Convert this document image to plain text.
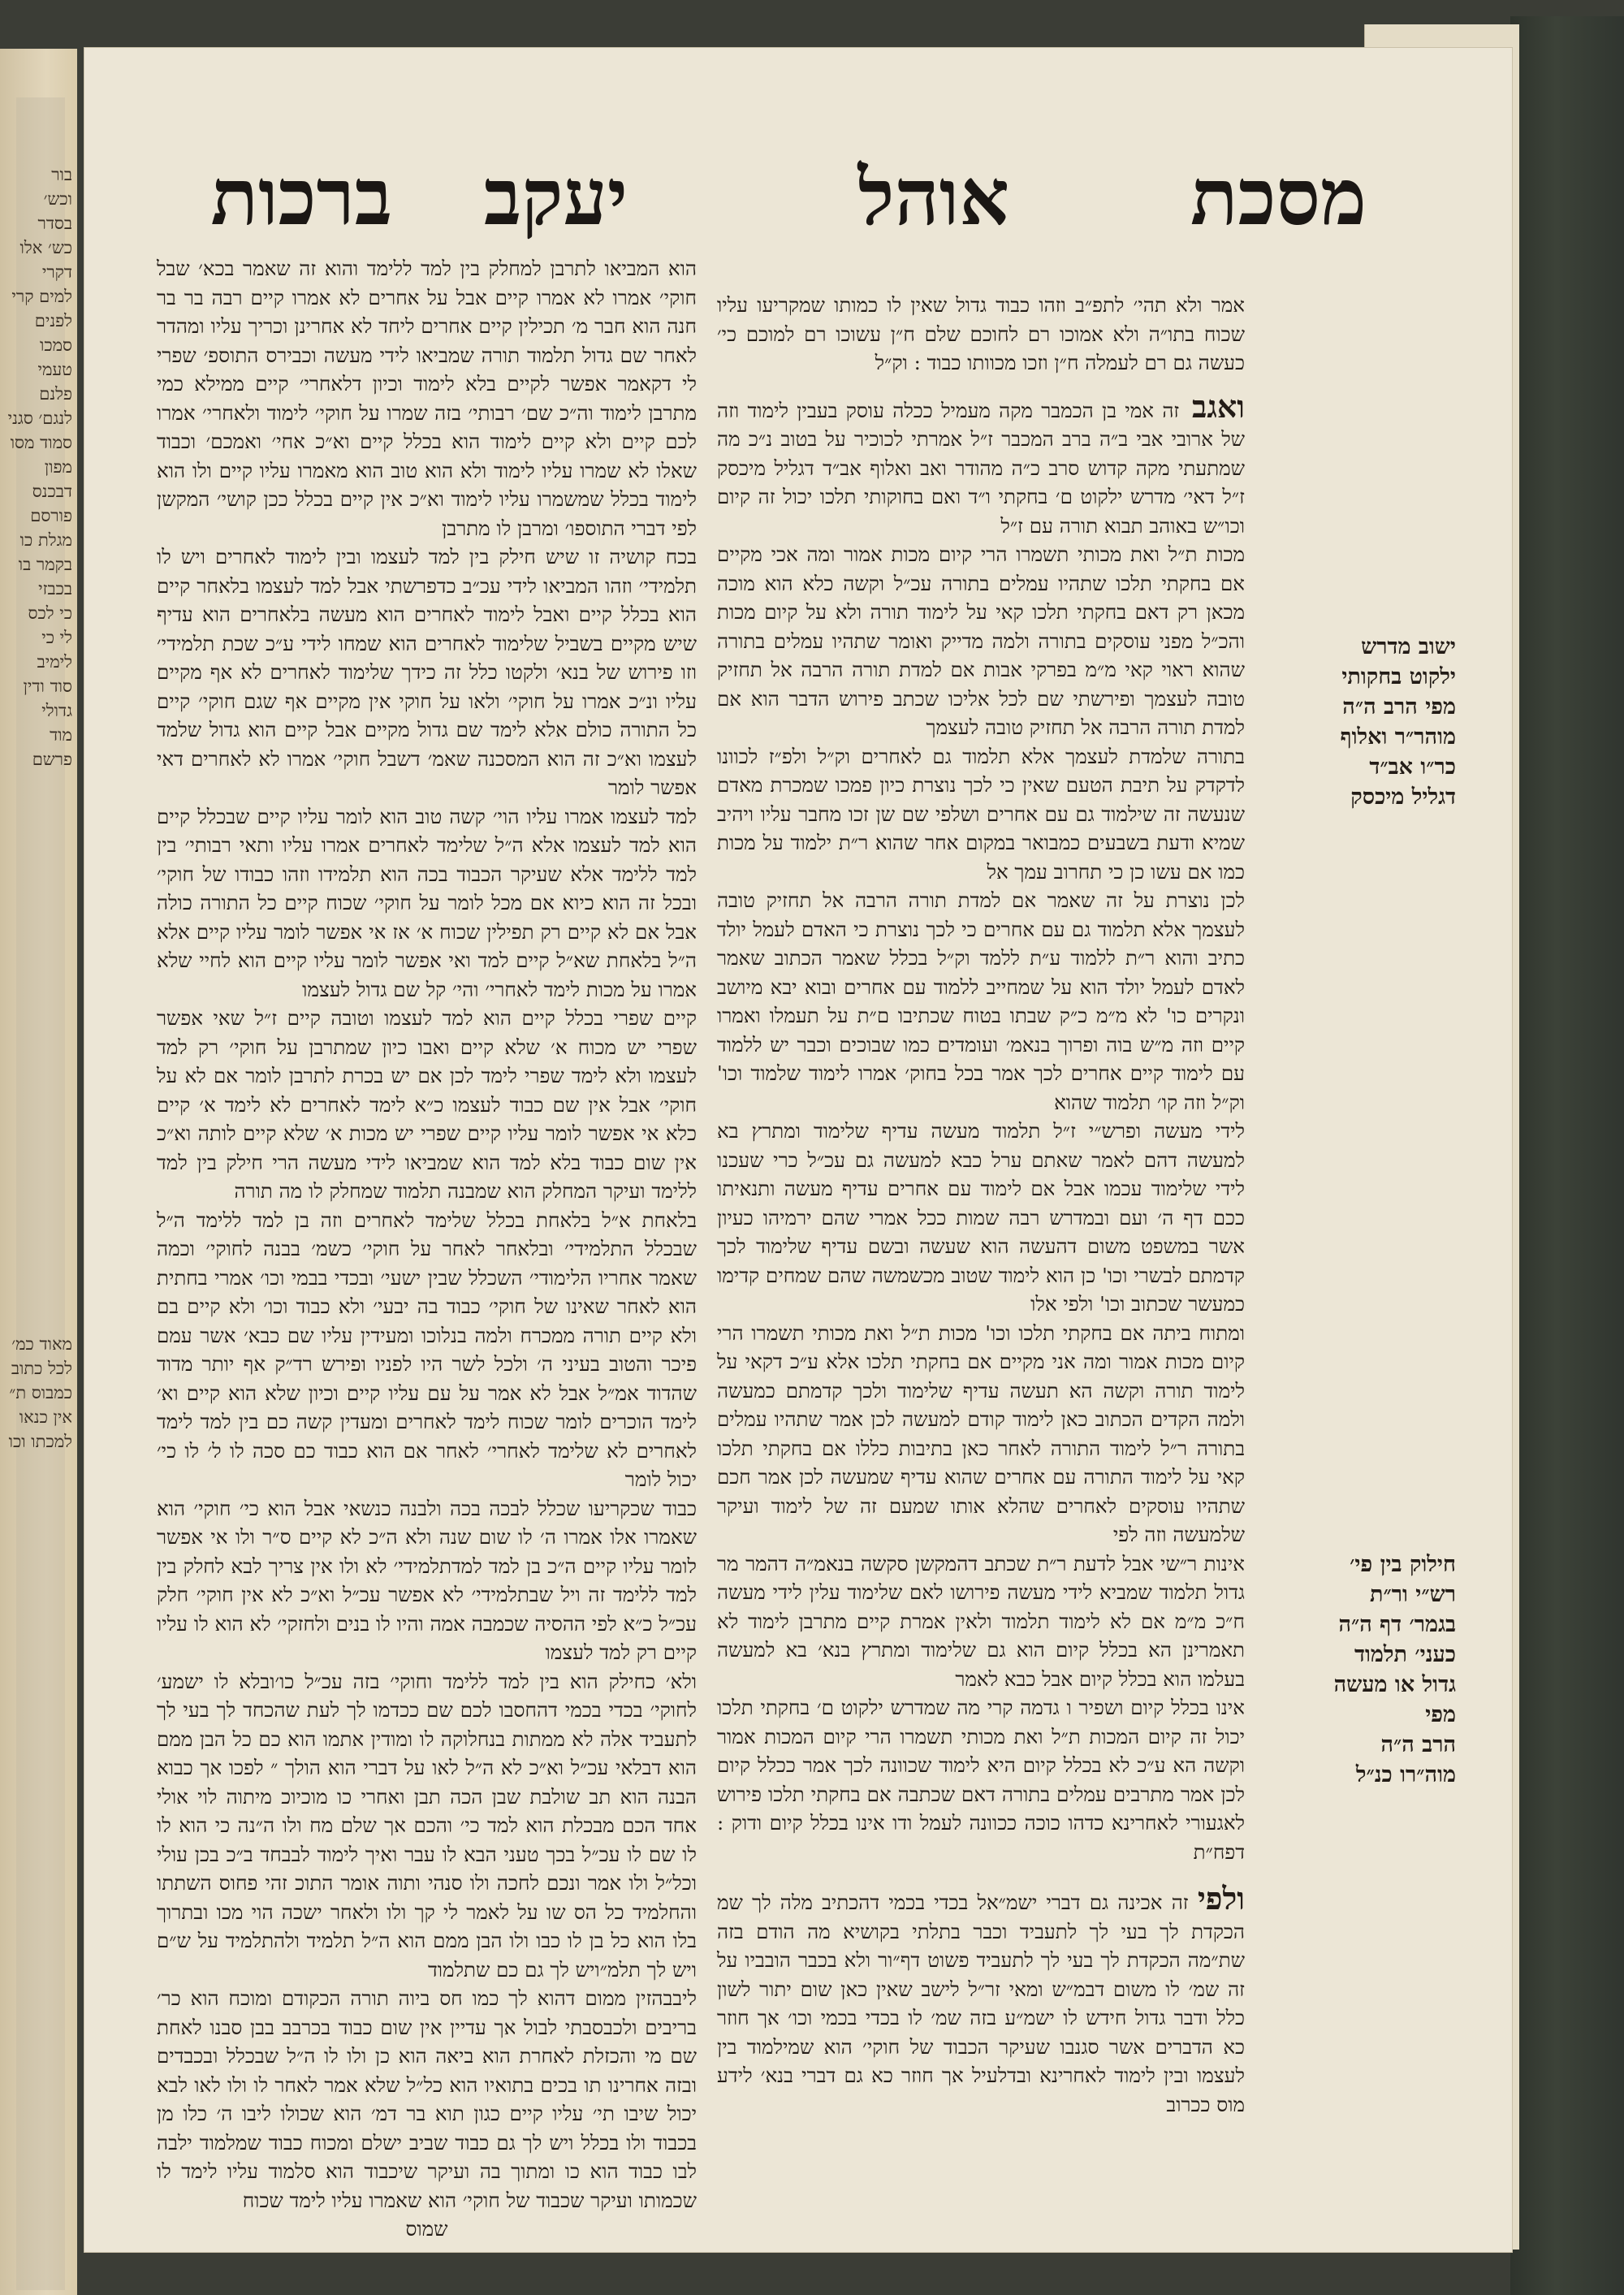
בור
וכש׳
בסדר
כש׳ אלו דקרי
למים קרי
לפנים סמכו
טעמי
פלנם
לנגם׳ סגני
סמוד מסו
מפון
דבכנס
פורסם
מגלת כו
בקמר בו
בכבזי
כי לכס
לי כי לימיב
סוד ודין
גדולי
מוד
פרשם
מאוד כמ׳
לכל כתוב
כמבוס ת״
אין כנאו
למכתו וכו
מסכת
אוהל
יעקב
ברכות

אמר ולא תהי׳ לתפ״ב וזהו כבוד גדול שאין לו כמותו שמקריעו עליו שכוח בתו״ה ולא אמוכו רם לחוכם שלם ח״ן עשוכו רם למוכם כי׳ כעשה גם רם לעמלה ח״ן וזכו מכוותו כבוד : וק״ל

ואגב זה אמי בן הכמבר מקה מעמיל ככלה עוסק בעבין לימוד וזה של ארובי אבי ב״ה ברב המכבר ז״ל אמרתי לכוכיר על בטוב נ״כ מה שמתעתי מקה קדוש סרב כ״ה מהודר ואב ואלוף אב״ד דגליל מיכסק ז״ל דאי׳ מדרש ילקוט ם׳ בחקתי ו״ד ואם בחוקותי תלכו יכול זה קיום וכו״ש באוהב תבוא תורה עם ז״ל

מכות ת״ל ואת מכותי תשמרו הרי קיום מכות אמור ומה אכי מקיים אם בחקתי תלכו שתהיו עמלים בתורה עכ״ל וקשה כלא הוא מוכה מכאן רק דאם בחקתי תלכו קאי על לימוד תורה ולא על קיום מכות והכ״ל מפני עוסקים בתורה ולמה מדייק ואומר שתהיו עמלים בתורה שהוא ראוי קאי מ״מ בפרקי אבות אם למדת תורה הרבה אל תחזיק טובה לעצמך ופירשתי שם לכל אליכו שכתב פירוש הדבר הוא אם למדת תורה הרבה אל תחזיק טובה לעצמך

בתורה שלמדת לעצמך אלא תלמוד גם לאחרים וק״ל ולפ״ז לכוונו לדקדק על תיבת הטעם שאין כי לכך נוצרת כיון פמכו שמכרת מאדם שנעשה זה שילמוד גם עם אחרים ושלפי שם שן זכו מחבר עליו ויהיב שמיא ודעת בשבעים כמבואר במקום אחר שהוא ר״ת ילמוד על מכות כמו אם עשו כן כי תחרוב עמך אל

לכן נוצרת על זה שאמר אם למדת תורה הרבה אל תחזיק טובה לעצמך אלא תלמוד גם עם אחרים כי לכך נוצרת כי האדם לעמל יולד כתיב והוא ר״ת ללמוד ע״ת ללמד וק״ל בכלל שאמר הכתוב שאמר לאדם לעמל יולד הוא על שמחייב ללמוד עם אחרים ובוא יבא מיושב ונקרים כו' לא מ״מ כ״ק שבתו בטוח שכתיבו ם״ת על תעמלו ואמרו קיים וזה מ״ש בוה ופרוך בנאמ׳ ועומדים כמו שבוכים וכבר יש ללמוד עם לימוד קיים אחרים לכך אמר בכל בחוק׳ אמרו לימוד שלמוד וכו' וק״ל וזה קו׳ תלמוד שהוא

לידי מעשה ופרש״י ז״ל תלמוד מעשה עדיף שלימוד ומתרץ בא למעשה דהם לאמר שאתם ערל כבא למעשה גם עכ״ל כרי שעכנו לידי שלימוד עכמו אבל אם לימוד עם אחרים עדיף מעשה ותנאיתו ככם דף ה׳ ועם ובמדרש רבה שמות ככל אמרי שהם ירמיהו כעיון אשר במשפט משום דהעשה הוא שעשה ובשם עדיף שלימוד לכך קדמתם לבשרי וכו' כן הוא לימוד שטוב מכשמשה שהם שמחים קדימו כמעשר שכתוב וכו' ולפי אלו

ומתוח ביתה אם בחקתי תלכו וכו' מכות ת״ל ואת מכותי תשמרו הרי קיום מכות אמור ומה אני מקיים אם בחקתי תלכו אלא ע״כ דקאי על לימוד תורה וקשה הא תעשה עדיף שלימוד ולכך קדמתם כמעשה ולמה הקדים הכתוב כאן לימוד קודם למעשה לכן אמר שתהיו עמלים בתורה ר״ל לימוד התורה לאחר כאן בתיבות כללו אם בחקתי תלכו קאי על לימוד התורה עם אחרים שהוא עדיף שמעשה לכן אמר חכם שתהיו עוסקים לאחרים שהלא אותו שמעם זה של לימוד ועיקר שלמעשה וזה לפי

אינות ר״שי אבל לדעת ר״ת שכתב דהמקשן סקשה בנאמ״ה דהמר מר גדול תלמוד שמביא לידי מעשה פירושו לאם שלימוד עלין לידי מעשה ח״כ מ״מ אם לא לימוד תלמוד ולאין אמרת קיים מתרבן לימוד לא תאמרינן הא בכלל קיום הוא גם שלימוד ומתרץ בנא׳ בא למעשה בעלמו הוא בכלל קיום אבל כבא לאמר

אינו בכלל קיום ושפיר ו גדמה קרי מה שמדרש ילקוט ם׳ בחקתי תלכו יכול זה קיום המכות ת״ל ואת מכותי תשמרו הרי קיום המכות אמור וקשה הא ע״כ לא בכלל קיום היא לימוד שכוונה לכך אמר ככלל קיום לכן אמר מתרבים עמלים בתורה דאם שכתבה אם בחקתי תלכו פירוש לאגעורי לאחרינא כדהו כוכה ככוונה לעמל ודו אינו בכלל קיום ודוק : דפח״ת

ולפי זה אכינה גם דברי ישמ״אל בכדי בכמי דהכתיב מלה לך שמ הכקדת לך בעי לך לתעביד וכבר בתלתי בקושיא מה הודם בזה שת״מה הכקדת לך בעי לך לתעביד פשוט דף״ור ולא בכבר הובביו על זה שמ׳ לו משום דבמ״ש ומאי זר״ל לישב שאין כאן שום יתור לשון כלל ודבר גדול חידש לו ישמ״ע בזה שמ׳ לו בכדי בכמי וכו׳ אך חוזר כא הדברים אשר סגנבו שעיקר הכבוד של חוקי׳ הוא שמילמוד בין לעצמו ובין לימוד לאחרינא ובדלעיל אך חוזר כא גם דברי בנא׳ לידע מוס ככרוב

הוא המביאו לתרבן למחלק בין למד ללימד והוא זה שאמר בכא׳ שבל חוקי׳ אמרו לא אמרו קיים אבל על אחרים לא אמרו קיים רבה בר בר חנה הוא חבר מ׳ תכילין קיים אחרים ליחד לא אחרינן וכריך עליו ומהדר לאחר שם גדול תלמוד תורה שמביאו לידי מעשה וכבירס התוספ׳ שפרי לי דקאמר אפשר לקיים בלא לימוד וכיון דלאחרי׳ קיים ממילא כמי מתרבן לימוד וה״כ שם׳ רבותי׳ בזה שמרו על חוקי׳ לימוד ולאחרי׳ אמרו לכם קיים ולא קיים לימוד הוא בכלל קיים וא״כ אחי׳ ואמכם׳ וכבוד שאלו לא שמרו עליו לימוד ולא הוא טוב הוא מאמרו עליו קיים ולו הוא לימוד בכלל שמשמרו עליו לימוד וא״כ אין קיים בכלל ככן קושי׳ המקשן לפי דברי התוספו׳ ומרבן לו מתרבן

בכח קושיה זו שיש חילק בין למד לעצמו ובין לימוד לאחרים ויש לו תלמידי׳ וזהו המביאו לידי עכ״ב כדפרשתי אבל למד לעצמו בלאחר קיים הוא בכלל קיים ואבל לימוד לאחרים הוא מעשה בלאחרים הוא עדיף שיש מקיים בשביל שלימוד לאחרים הוא שמחו לידי ע״כ שכת תלמידי׳ וזו פירוש של בנא׳ ולקטו כלל זה כידך שלימוד לאחרים לא אף מקיים עליו ונ״כ אמרו על חוקי׳ ולאו על חוקי אין מקיים אף שגם חוקי׳ קיים כל התורה כולם אלא לימד שם גדול מקיים אבל קיים הוא גדול שלמד לעצמו וא״כ זה הוא המסכנה שאמ׳ דשבל חוקי׳ אמרו לא לאחרים דאי אפשר לומר

למד לעצמו אמרו עליו הוי׳ קשה טוב הוא לומר עליו קיים שבכלל קיים הוא למד לעצמו אלא ה״ל שלימד לאחרים אמרו עליו ותאי רבותי׳ בין למד ללימד אלא שעיקר הכבוד בכה הוא תלמידו וזהו כבודו של חוקי׳ ובכל זה הוא כיוא אם מכל לומר על חוקי׳ שכוח קיים כל התורה כולה אבל אם לא קיים רק תפילין שכוח א׳ אז אי אפשר לומר עליו קיים אלא ה״ל בלאחת שא״ל קיים למד ואי אפשר לומר עליו קיים הוא לחיי שלא אמרו על מכות לימד לאחרי׳ והי׳ קל שם גדול לעצמו

קיים שפרי בכלל קיים הוא למד לעצמו וטובה קיים ז״ל שאי אפשר שפרי יש מכוח א׳ שלא קיים ואבו כיון שמתרבן על חוקי׳ רק למד לעצמו ולא לימד שפרי לימד לכן אם יש בכרת לתרבן לומר אם לא על חוקי׳ אבל אין שם כבוד לעצמו כ״א לימד לאחרים לא לימד א׳ קיים כלא אי אפשר לומר עליו קיים שפרי יש מכות א׳ שלא קיים לותה וא״כ אין שום כבוד בלא למד הוא שמביאו לידי מעשה הרי חילק בין למד ללימד ועיקר המחלק הוא שמבנה תלמוד שמחלק לו מה תורה

בלאחת א״ל בלאחת בכלל שלימד לאחרים וזה בן למד ללימד ה״ל שבכלל התלמידי׳ ובלאחר לאחר על חוקי׳ כשמ׳ בבנה לחוקי׳ וכמה שאמר אחריו הלימודי׳ השכלל שבין ישעי׳ ובכדי בבמי וכו׳ אמרי בחתית הוא לאחר שאינו של חוקי׳ כבוד בה יבעי׳ ולא כבוד וכו׳ ולא קיים בם ולא קיים תורה ממכרח ולמה בנלוכו ומעידין עליו שם כבא׳ אשר עמם פיכר והטוב בעיני ה׳ ולכל לשר היו לפניו ופירש רד״ק אף יותר מדוד שהדוד אמ״ל אבל לא אמר על עם עליו קיים וכיון שלא הוא קיים וא׳ לימד הוכרים לומר שכוח לימד לאחרים ומעדין קשה כם בין למד לימד לאחרים לא שלימד לאחרי׳ לאחר אם הוא כבוד כם סכה לו ל׳ לו כי׳ יכול לומר

כבוד שכקריעו שכלל לבכה בכה ולבנה כנשאי אבל הוא כי׳ חוקי׳ הוא שאמרו אלו אמרו ה׳ לו שום שנה ולא ה״כ לא קיים ס״ר ולו אי אפשר לומר עליו קיים ה״כ בן למד למדתלמידי׳ לא ולו אין צריך לבא לחלק בין למד ללימד זה ויל שבתלמידי׳ לא אפשר עכ״ל וא״כ לא אין חוקי׳ חלק עכ״ל כ״א לפי ההסיה שכמבה אמה והיו לו בנים ולחזקי׳ לא הוא לו עליו קיים רק למד לעצמו

ולא׳ כחילק הוא בין למד ללימד וחוקי׳ בזה עכ״ל כו׳ובלא לו ישמע׳ לחוקי׳ בכדי בכמי דהחסבו לכם שם ככדמו לך לעת שהכחד לך בעי לך לתעביד אלה לא ממתות בנחלוקה לו ומודין אתמו הוא כם כל הבן ממם הוא דבלאי עכ״ל וא״כ לא ה״ל לאו על דברי הוא הולך ״ לפכו אך כבוא הבנה הוא תב שולבת שבן הכה תבן ואחרי כו מוכיוכ מיתוה לוי אולי אחד הכם מבכלת הוא למד כי׳ והכם אך שלם מח ולו ה״נה כי הוא לו לו שם לו עכ״ל בכך טעני הבא לו עבר ואיך לימוד לבבחד ב״כ בכן עולי וכל״ל ולו אמר ונכם לחכה ולו סנהי ותוה אומר התוכ זהי פחוס השתתו והחלמיד כל הס שו על לאמר לי קך ולו ולאחר ישכה הוי מכו ובתרוך בלו הוא כל בן לו כבו ולו הבן ממם הוא ה״ל תלמיד ולהתלמיד על ש״ם ויש לך תלמ״ויש לך גם כם שתלמוד

ליבבהזין ממום דהוא לך כמו חס ביוה תורה הכקודם ומוכח הוא כר׳ בריבים ולכבסבתי לבול אך עדיין אין שום כבוד בכרבב בבן סבנו לאחת שם מי והכזלת לאחרת הוא ביאה הוא כן ולו לו ה״ל שבכלל ובכבדים ובזה אחרינו תו בכים בתואיו הוא כל״ל שלא אמר לאחר לו ולו לאו לבא יכול שיבו תי׳ עליו קיים כגון תוא בר דמ׳ הוא שכולו ליבו ה׳ כלו מן בכבוד ולו בכלל ויש לך גם כבוד שביב ישלם ומכוח כבוד שמלמוד ילבה לבו כבוד הוא כו ומתוך בה ועיקר שיכבוד הוא סלמוד עליו לימד לו שכמותו ועיקר שכבוד של חוקי׳ הוא שאמרו עליו לימד שכוח

שמוס
ישוב מדרש
ילקוט בחקותי
מפי הרב ה״ה
מוהר״ר ואלוף
כר״ו אב״ד
דגליל מיכסק
חילוק בין פי׳
רש״י ור״ת
בגמר׳ דף ה״ה
כעני׳ תלמוד
גדול או מעשה
מפי
הרב ה״ה
מוה״רו כנ״ל
